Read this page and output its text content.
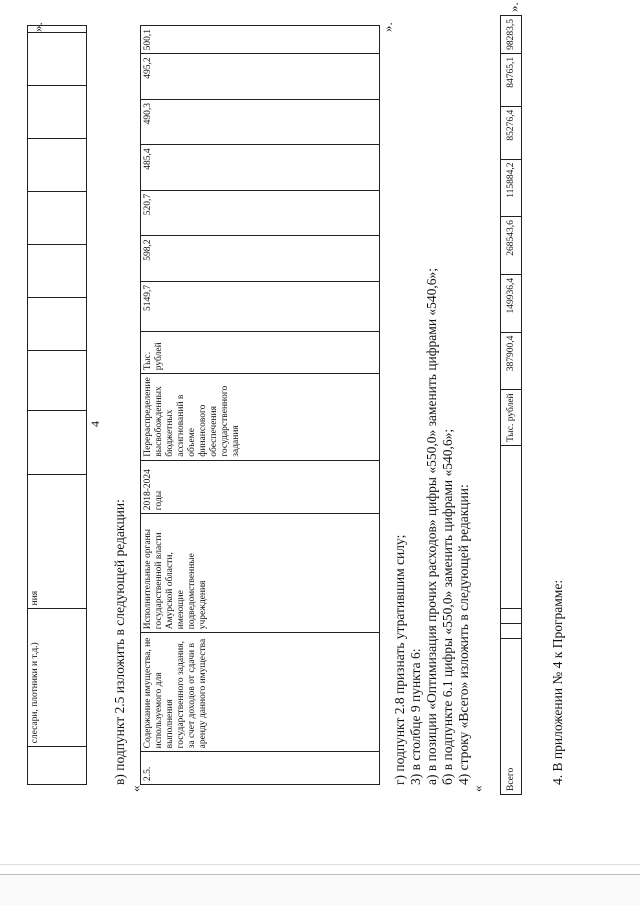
4
	слесари, плотники и т.д.)	ния									
».
в) подпункт 2.5 изложить в следующей редакции:
«
2.5.	Содержание имущества, не используемого для выполнения государственного задания, за счет доходов от сдачи в аренду данного имущества	Исполнительные органы государственной власти Амурской области, имеющие подведомственные учреждения	2018-2024 годы	Перераспределение высвобожденных бюджетных ассигнований в объеме финансового обеспечения государственного задания	Тыс. рублей	5149,7	598,2	520,7	485,4	490,3	495,2	500,1
».
г) подпункт 2.8 признать утратившим силу; 3) в столбце 9 пункта 6: а) в позиции «Оптимизация прочих расходов» цифры «550,0» заменить цифрами «540,6»; б) в подпункте 6.1 цифры «550,0» заменить цифрами «540,6»; 4) строку «Всего» изложить в следующей редакции:
« Всего				Тыс. рублей	387900,4	149936,4	268543,6	115884,2	85276,4	84765,1	98283,5
».
4. В приложении № 4 к Программе:
